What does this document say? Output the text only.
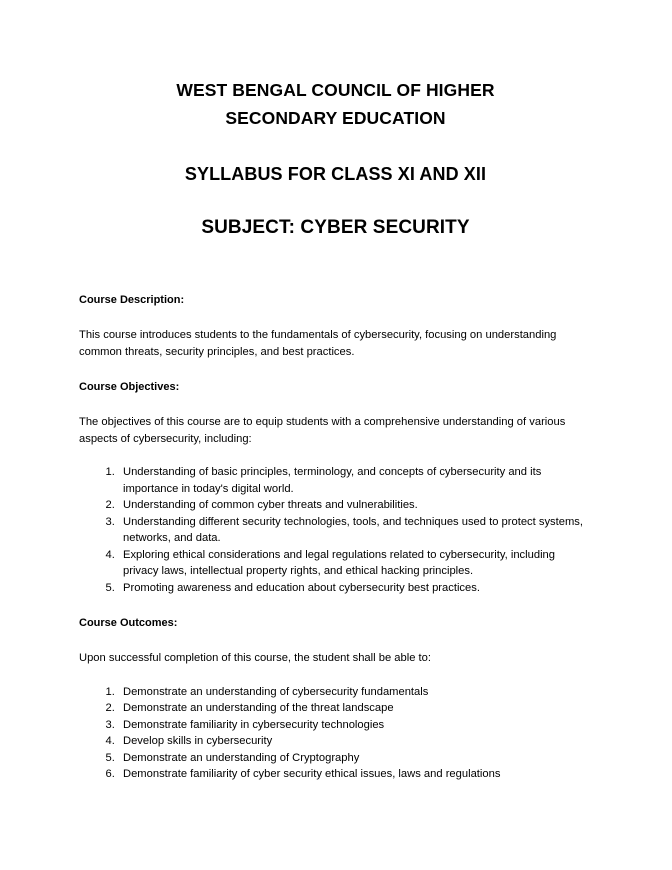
WEST BENGAL COUNCIL OF HIGHER
SECONDARY EDUCATION
SYLLABUS FOR CLASS XI AND XII
SUBJECT: CYBER SECURITY
Course Description:

This course introduces students to the fundamentals of cybersecurity, focusing on understanding common threats, security principles, and best practices.

Course Objectives:

The objectives of this course are to equip students with a comprehensive understanding of various aspects of cybersecurity, including:

1. Understanding of basic principles, terminology, and concepts of cybersecurity and its importance in today's digital world.
2. Understanding of common cyber threats and vulnerabilities.
3. Understanding different security technologies, tools, and techniques used to protect systems, networks, and data.
4. Exploring ethical considerations and legal regulations related to cybersecurity, including privacy laws, intellectual property rights, and ethical hacking principles.
5. Promoting awareness and education about cybersecurity best practices.
Course Outcomes:

Upon successful completion of this course, the student shall be able to:

1. Demonstrate an understanding of cybersecurity fundamentals
2. Demonstrate an understanding of the threat landscape
3. Demonstrate familiarity in cybersecurity technologies
4. Develop skills in cybersecurity
5. Demonstrate an understanding of Cryptography
6. Demonstrate familiarity of cyber security ethical issues, laws and regulations
